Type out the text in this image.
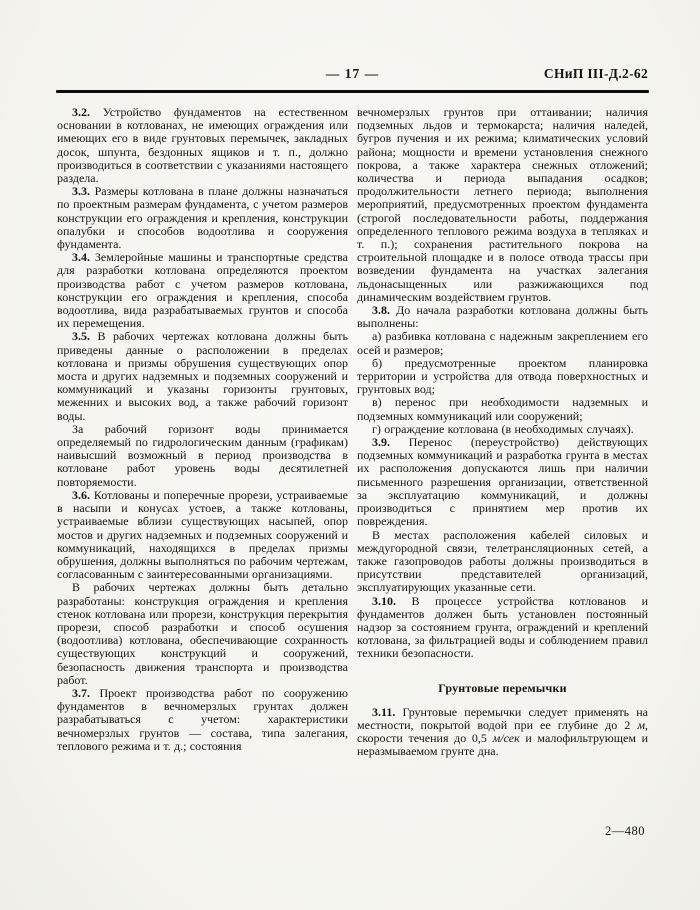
— 17 —	СНиП III-Д.2-62

3.2. Устройство фундаментов на естественном основании в котлованах, не имеющих ограждения или имеющих его в виде грунтовых перемычек, закладных досок, шпунта, бездонных ящиков и т. п., должно производиться в соответствии с указаниями настоящего раздела.

3.3. Размеры котлована в плане должны назначаться по проектным размерам фундамента, с учетом размеров конструкции его ограждения и крепления, конструкции опалубки и способов водоотлива и сооружения фундамента.

3.4. Землеройные машины и транспортные средства для разработки котлована определяются проектом производства работ с учетом размеров котлована, конструкции его ограждения и крепления, способа водоотлива, вида разрабатываемых грунтов и способа их перемещения.

3.5. В рабочих чертежах котлована должны быть приведены данные о расположении в пределах котлована и призмы обрушения существующих опор моста и других надземных и подземных сооружений и коммуникаций и указаны горизонты грунтовых, меженних и высоких вод, а также рабочий горизонт воды.

За рабочий горизонт воды принимается определяемый по гидрологическим данным (графикам) наивысший возможный в период производства в котловане работ уровень воды десятилетней повторяемости.

3.6. Котлованы и поперечные прорези, устраиваемые в насыпи и конусах устоев, а также котлованы, устраиваемые вблизи существующих насыпей, опор мостов и других надземных и подземных сооружений и коммуникаций, находящихся в пределах призмы обрушения, должны выполняться по рабочим чертежам, согласованным с заинтересованными организациями.

В рабочих чертежах должны быть детально разработаны: конструкция ограждения и крепления стенок котлована или прорези, конструкция перекрытия прорези, способ разработки и способ осушения (водоотлива) котлована, обеспечивающие сохранность существующих конструкций и сооружений, безопасность движения транспорта и производства работ.

3.7. Проект производства работ по сооружению фундаментов в вечномерзлых грунтах должен разрабатываться с учетом: характеристики вечномерзлых грунтов — состава, типа залегания, теплового режима и т. д.; состояния

вечномерзлых грунтов при оттаивании; наличия подземных льдов и термокарста; наличия наледей, бугров пучения и их режима; климатических условий района; мощности и времени установления снежного покрова, а также характера снежных отложений; количества и периода выпадания осадков; продолжительности летнего периода; выполнения мероприятий, предусмотренных проектом фундамента (строгой последовательности работы, поддержания определенного теплового режима воздуха в тепляках и т. п.); сохранения растительного покрова на строительной площадке и в полосе отвода трассы при возведении фундамента на участках залегания льдонасыщенных или разжижающихся под динамическим воздействием грунтов.

3.8. До начала разработки котлована должны быть выполнены:

а) разбивка котлована с надежным закреплением его осей и размеров;

б) предусмотренные проектом планировка территории и устройства для отвода поверхностных и грунтовых вод;

в) перенос при необходимости надземных и подземных коммуникаций или сооружений;

г) ограждение котлована (в необходимых случаях).

3.9. Перенос (переустройство) действующих подземных коммуникаций и разработка грунта в местах их расположения допускаются лишь при наличии письменного разрешения организации, ответственной за эксплуатацию коммуникаций, и должны производиться с принятием мер против их повреждения.

В местах расположения кабелей силовых и междугородной связи, телетрансляционных сетей, а также газопроводов работы должны производиться в присутствии представителей организаций, эксплуатирующих указанные сети.

3.10. В процессе устройства котлованов и фундаментов должен быть установлен постоянный надзор за состоянием грунта, ограждений и креплений котлована, за фильтрацией воды и соблюдением правил техники безопасности.

Грунтовые перемычки

3.11. Грунтовые перемычки следует применять на местности, покрытой водой при ее глубине до 2 м, скорости течения до 0,5 м/сек и малофильтрующем и неразмываемом грунте дна.

2—480
